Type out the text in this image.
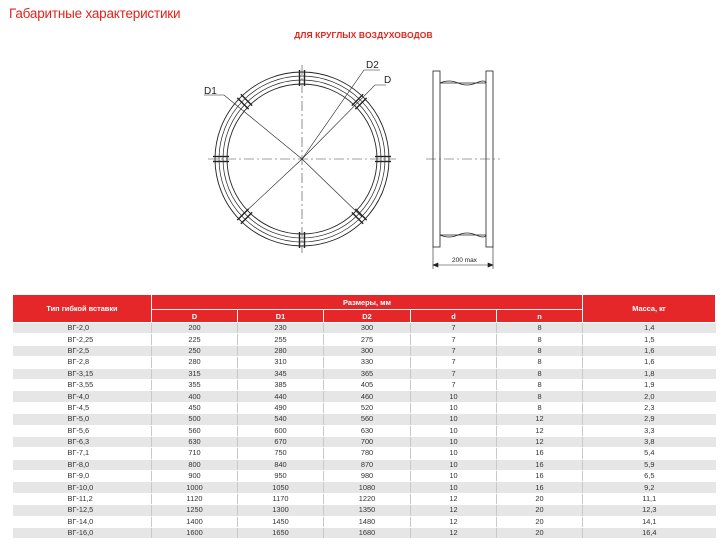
Габаритные характеристики
ДЛЯ КРУГЛЫХ ВОЗДУХОВОДОВ
D1
D2
D
200 max
Тип гибкой вставки	Размеры, мм					Масса, кг
	D	D1	D2	d	n	
ВГ-2,0	200	230	300	7	8	1,4
ВГ-2,25	225	255	275	7	8	1,5
ВГ-2,5	250	280	300	7	8	1,6
ВГ-2,8	280	310	330	7	8	1,6
ВГ-3,15	315	345	365	7	8	1,8
ВГ-3,55	355	385	405	7	8	1,9
ВГ-4,0	400	440	460	10	8	2,0
ВГ-4,5	450	490	520	10	8	2,3
ВГ-5,0	500	540	560	10	12	2,9
ВГ-5,6	560	600	630	10	12	3,3
ВГ-6,3	630	670	700	10	12	3,8
ВГ-7,1	710	750	780	10	16	5,4
ВГ-8,0	800	840	870	10	16	5,9
ВГ-9,0	900	950	980	10	16	6,5
ВГ-10,0	1000	1050	1080	10	16	9,2
ВГ-11,2	1120	1170	1220	12	20	11,1
ВГ-12,5	1250	1300	1350	12	20	12,3
ВГ-14,0	1400	1450	1480	12	20	14,1
ВГ-16,0	1600	1650	1680	12	20	16,4
